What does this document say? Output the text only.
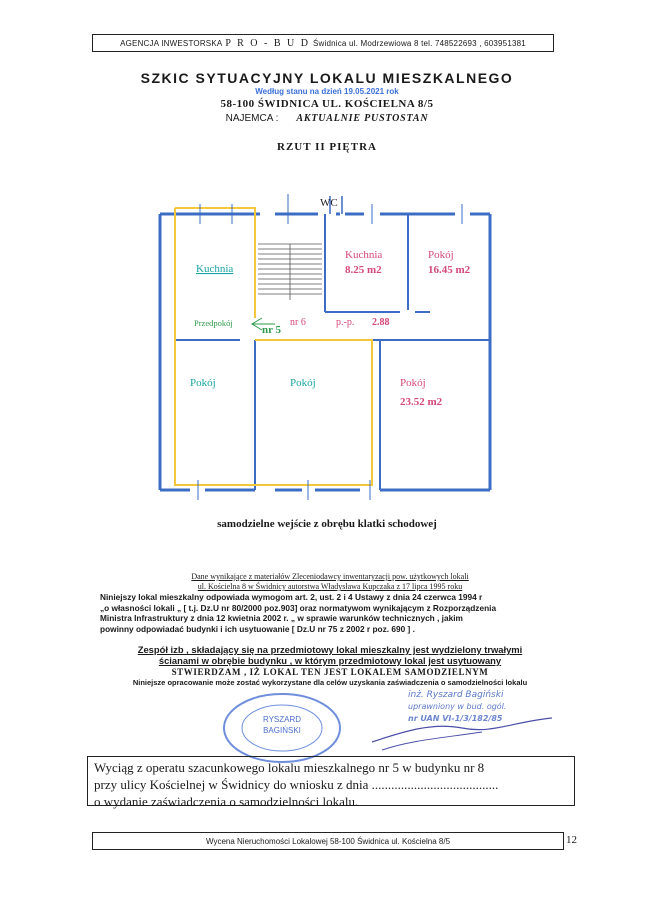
AGENCJA INWESTORSKA P R O - B U D Świdnica ul. Modrzewiowa 8 tel. 748522693 , 603951381
SZKIC SYTUACYJNY LOKALU MIESZKALNEGO
Według stanu na dzień 19.05.2021 rok
58-100 ŚWIDNICA UL. KOŚCIELNA 8/5
NAJEMCA : AKTUALNIE PUSTOSTAN
RZUT II PIĘTRA
WC
Kuchnia
Kuchnia
8.25 m2
Pokój
16.45 m2
Przedpokój
nr 5
nr 6	p.-p. 2.88
Pokój	Pokój	Pokój
23.52 m2
samodzielne wejście z obrębu klatki schodowej
Dane wynikające z materiałów Zleceniodawcy inwentaryzacji pow. użytkowych lokali
ul. Kościelna 8 w Świdnicy autorstwa Władysława Kupczaka z 17 lipca 1995 roku
Niniejszy lokal mieszkalny odpowiada wymogom art. 2, ust. 2 i 4 Ustawy z dnia 24 czerwca 1994 r
„o własności lokali „ [ t.j. Dz.U nr 80/2000 poz.903] oraz normatywom wynikającym z Rozporządzenia
Ministra Infrastruktury z dnia 12 kwietnia 2002 r. „ w sprawie warunków technicznych , jakim
powinny odpowiadać budynki i ich usytuowanie [ Dz.U nr 75 z 2002 r poz. 690 ] .
Zespół izb , składający się na przedmiotowy lokal mieszkalny jest wydzielony trwałymi
ścianami w obrębie budynku , w którym przedmiotowy lokal jest usytuowany
STWIERDZAM , IŻ LOKAL TEN JEST LOKALEM SAMODZIELNYM
Niniejsze opracowanie może zostać wykorzystane dla celów uzyskania zaświadczenia o samodzielności lokalu
RYSZARD
BAGIŃSKI
inż. Ryszard Bagiński
uprawniony w bud. ogól.
nr UAN VI-1/3/182/85
Wyciąg z operatu szacunkowego lokalu mieszkalnego nr 5 w budynku nr 8
przy ulicy Kościelnej w Świdnicy do wniosku z dnia .......................................
o wydanie zaświadczenia o samodzielności lokalu.
Wycena Nieruchomości Lokalowej 58-100 Świdnica ul. Kościelna 8/5	12
